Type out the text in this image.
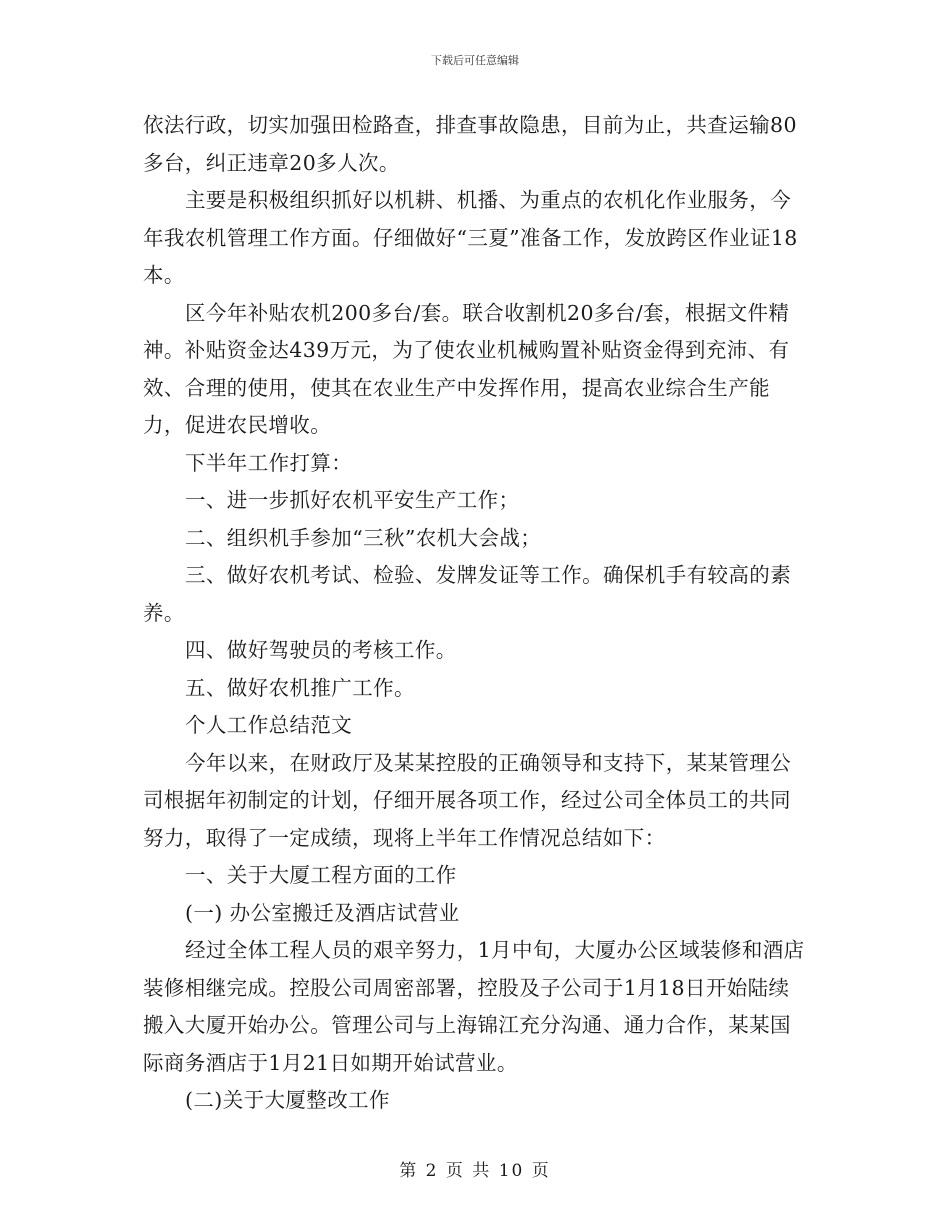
下载后可任意编辑

依法行政，切实加强田检路查，排查事故隐患，目前为止，共查运输80多台，纠正违章20多人次。

主要是积极组织抓好以机耕、机播、为重点的农机化作业服务，今年我农机管理工作方面。仔细做好“三夏”准备工作，发放跨区作业证18本。

区今年补贴农机200多台/套。联合收割机20多台/套，根据文件精神。补贴资金达439万元，为了使农业机械购置补贴资金得到充沛、有效、合理的使用，使其在农业生产中发挥作用，提高农业综合生产能力，促进农民增收。

下半年工作打算：

一、进一步抓好农机平安生产工作；

二、组织机手参加“三秋”农机大会战；

三、做好农机考试、检验、发牌发证等工作。确保机手有较高的素养。

四、做好驾驶员的考核工作。

五、做好农机推广工作。

个人工作总结范文

今年以来，在财政厅及某某控股的正确领导和支持下，某某管理公司根据年初制定的计划，仔细开展各项工作，经过公司全体员工的共同努力，取得了一定成绩，现将上半年工作情况总结如下：

一、关于大厦工程方面的工作

(一) 办公室搬迁及酒店试营业

经过全体工程人员的艰辛努力，1月中旬，大厦办公区域装修和酒店装修相继完成。控股公司周密部署，控股及子公司于1月18日开始陆续搬入大厦开始办公。管理公司与上海锦江充分沟通、通力合作，某某国际商务酒店于1月21日如期开始试营业。

(二)关于大厦整改工作

第 2 页 共 10 页
